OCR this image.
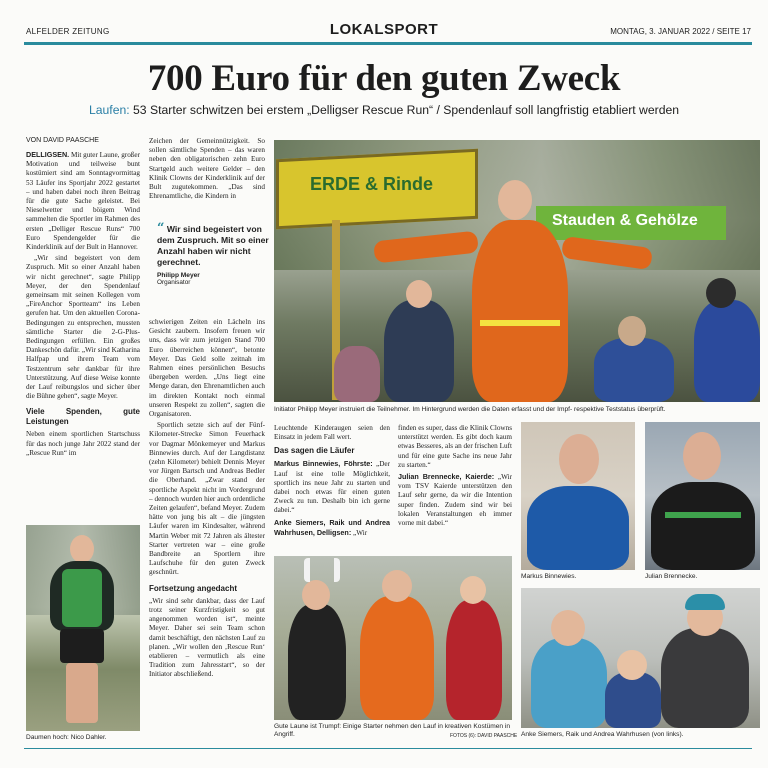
ALFELDER ZEITUNG	LOKALSPORT	MONTAG, 3. JANUAR 2022 / SEITE 17
700 Euro für den guten Zweck
Laufen: 53 Starter schwitzen bei erstem „Delligser Rescue Run“ / Spendenlauf soll langfristig etabliert werden
VON DAVID PAASCHE

DELLIGSEN. Mit guter Laune, großer Motivation und teilweise bunt kostümiert sind am Sonntagvormittag 53 Läufer ins Sportjahr 2022 gestartet – und haben dabei noch ihren Beitrag für die gute Sache geleistet. Bei Nieselwetter und böigem Wind sammelten die Sportler im Rahmen des ersten „Delliger Rescue Runs“ 700 Euro Spendengelder für die Kinderklinik auf der Bult in Hannover.

„Wir sind begeistert von dem Zuspruch. Mit so einer Anzahl haben wir nicht gerechnet“, sagte Philipp Meyer, der den Spendenlauf gemeinsam mit seinen Kollegen vom „FireAnchor Sportteam“ ins Leben gerufen hat. Um den aktuellen Corona-Bedingungen zu entsprechen, mussten sämtliche Starter die 2-G-Plus-Bedingungen erfüllen. Ein großes Dankeschön dafür. „Wir sind Katharina Halfpap und ihrem Team vom Testzentrum sehr dankbar für ihre Unterstützung. Auf diese Weise konnte der Lauf reibungslos und sicher über die Bühne gehen“, sagte Meyer.

Viele Spenden, gute Leistungen

Neben einem sportlichen Startschuss für das noch junge Jahr 2022 stand der „Rescue Run“ im

Daumen hoch: Nico Dahler.

Zeichen der Gemeinnützigkeit. So sollen sämtliche Spenden – das waren neben den obligatorischen zehn Euro Startgeld auch weitere Gelder – den Klinik Clowns der Kinderklinik auf der Bult zugutekommen. „Das sind Ehrenamtliche, die Kindern in

“ Wir sind begeistert von dem Zuspruch. Mit so einer Anzahl haben wir nicht gerechnet.
Philipp Meyer
Organisator

schwierigen Zeiten ein Lächeln ins Gesicht zaubern. Insofern freuen wir uns, dass wir zum jetzigen Stand 700 Euro überreichen können“, betonte Meyer. Das Geld solle zeitnah im Rahmen eines persönlichen Besuchs übergeben werden. „Uns liegt eine Menge daran, den Ehrenamtlichen auch im direkten Kontakt noch einmal unseren Respekt zu zollen“, sagten die Organisatoren.

Sportlich setzte sich auf der Fünf-Kilometer-Strecke Simon Feuerhack vor Dagmar Mönkemeyer und Markus Binnewies durch. Auf der Langdistanz (zehn Kilometer) behielt Dennis Meyer vor Jürgen Bartsch und Andreas Bedler die Oberhand. „Zwar stand der sportliche Aspekt nicht im Vordergrund – dennoch wurden hier auch ordentliche Zeiten gelaufen“, befand Meyer. Zudem hätte von jung bis alt – die jüngsten Läufer waren im Kindesalter, während Martin Weber mit 72 Jahren als ältester Starter vertreten war – eine große Bandbreite an Sportlern ihre Laufschuhe für den guten Zweck geschnürt.

Fortsetzung angedacht

„Wir sind sehr dankbar, dass der Lauf trotz seiner Kurzfristigkeit so gut angenommen worden ist“, meinte Meyer. Daher sei sein Team schon damit beschäftigt, den nächsten Lauf zu planen. „Wir wollen den ‚Rescue Run‘ etablieren – vermutlich als eine Tradition zum Jahresstart“, so der Initiator abschließend.

ERDE & Rinde
Stauden & Gehölze
Initiator Philipp Meyer instruiert die Teilnehmer. Im Hintergrund werden die Daten erfasst und der Impf- respektive Teststatus überprüft.

Leuchtende Kinderaugen seien den Einsatz in jedem Fall wert.

Das sagen die Läufer

Markus Binnewies, Föhrste: „Der Lauf ist eine tolle Möglichkeit, sportlich ins neue Jahr zu starten und dabei noch etwas für einen guten Zweck zu tun. Deshalb bin ich gerne dabei.“

Anke Siemers, Raik und Andrea Wahrhusen, Delligsen: „Wir

finden es super, dass die Klinik Clowns unterstützt werden. Es gibt doch kaum etwas Besseres, als an der frischen Luft und für eine gute Sache ins neue Jahr zu starten.“

Julian Brennecke, Kaierde: „Wir vom TSV Kaierde unterstützen den Lauf sehr gerne, da wir die Intention super finden. Zudem sind wir bei lokalen Veranstaltungen eh immer vorne mit dabei.“

Gute Laune ist Trumpf: Einige Starter nehmen den Lauf in kreativen Kostümen in Angriff.	FOTOS (6): DAVID PAASCHE
Markus Binnewies.	Julian Brennecke.
Anke Siemers, Raik und Andrea Wahrhusen (von links).
